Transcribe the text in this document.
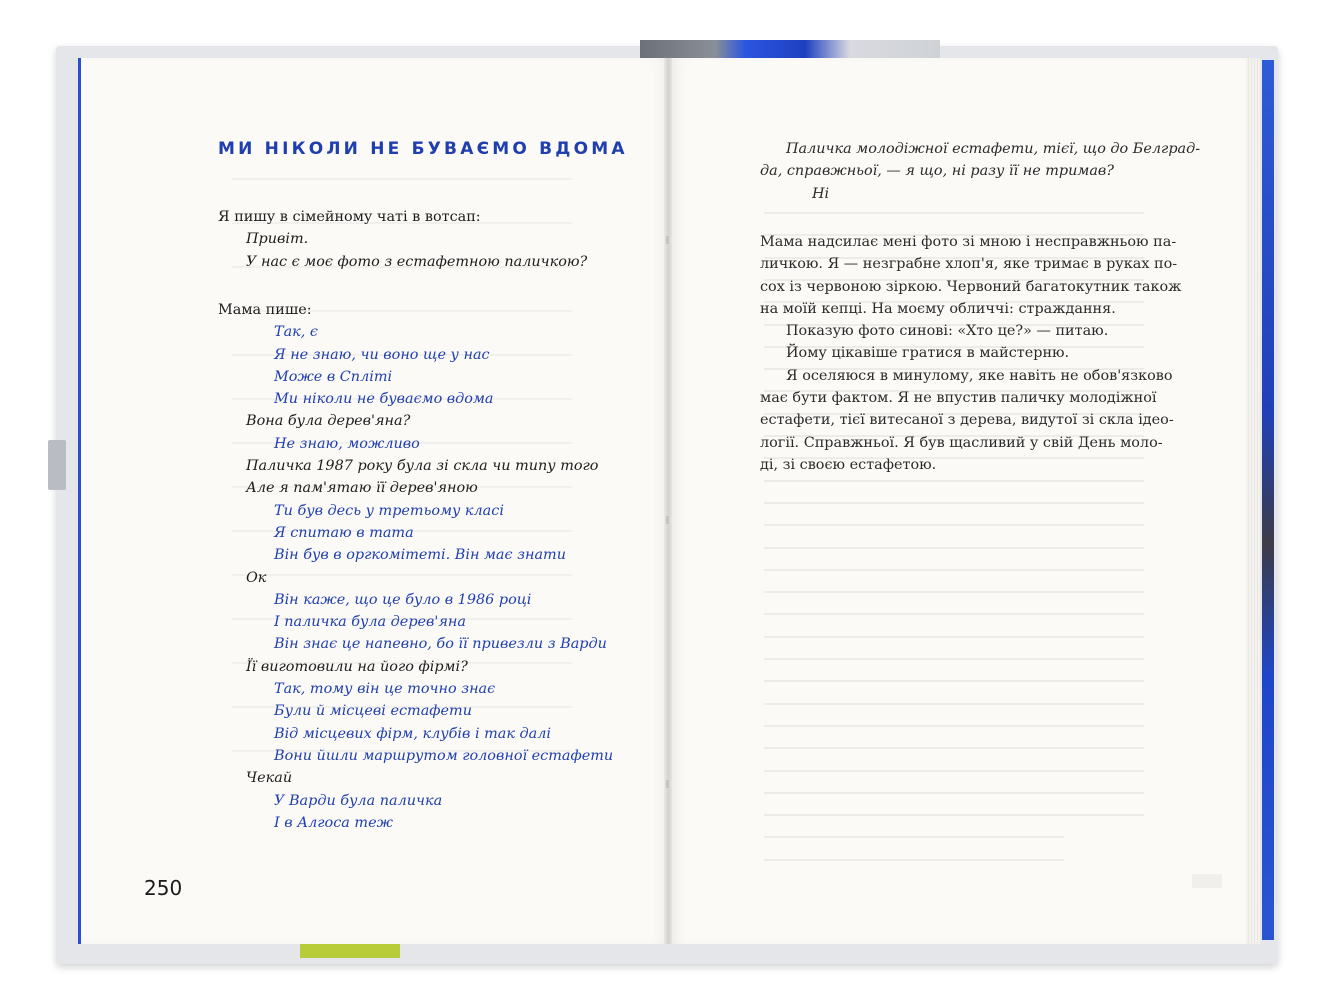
МИ НІКОЛИ НЕ БУВАЄМО ВДОМА

Я пишу в сімейному чаті в вотсап:

Привіт.

У нас є моє фото з естафетною паличкою?

Мама пише:

Так, є

Я не знаю, чи воно ще у нас

Може в Спліті

Ми ніколи не буваємо вдома

Вона була дерев'яна?

Не знаю, можливо

Паличка 1987 року була зі скла чи типу того

Але я пам'ятаю її дерев'яною

Ти був десь у третьому класі

Я спитаю в тата

Він був в оргкомітеті. Він має знати

Ок

Він каже, що це було в 1986 році

І паличка була дерев'яна

Він знає це напевно, бо її привезли з Варди

Її виготовили на його фірмі?

Так, тому він це точно знає

Були й місцеві естафети

Від місцевих фірм, клубів і так далі

Вони йшли маршрутом головної естафети

Чекай

У Варди була паличка

І в Алгоса теж

Паличка молодіжної естафети, тієї, що до Белград-

да, справжньої, — я що, ні разу її не тримав?

Ні

Мама надсилає мені фото зі мною і несправжньою па-

личкою. Я — незграбне хлоп'я, яке тримає в руках по-

сох із червоною зіркою. Червоний багатокутник також

на моїй кепці. На моєму обличчі: страждання.

Показую фото синові: «Хто це?» — питаю.

Йому цікавіше гратися в майстерню.

Я оселяюся в минулому, яке навіть не обов'язково

має бути фактом. Я не впустив паличку молодіжної

естафети, тієї витесаної з дерева, видутої зі скла ідео-

логії. Справжньої. Я був щасливий у свій День моло-

ді, зі своєю естафетою.

250
